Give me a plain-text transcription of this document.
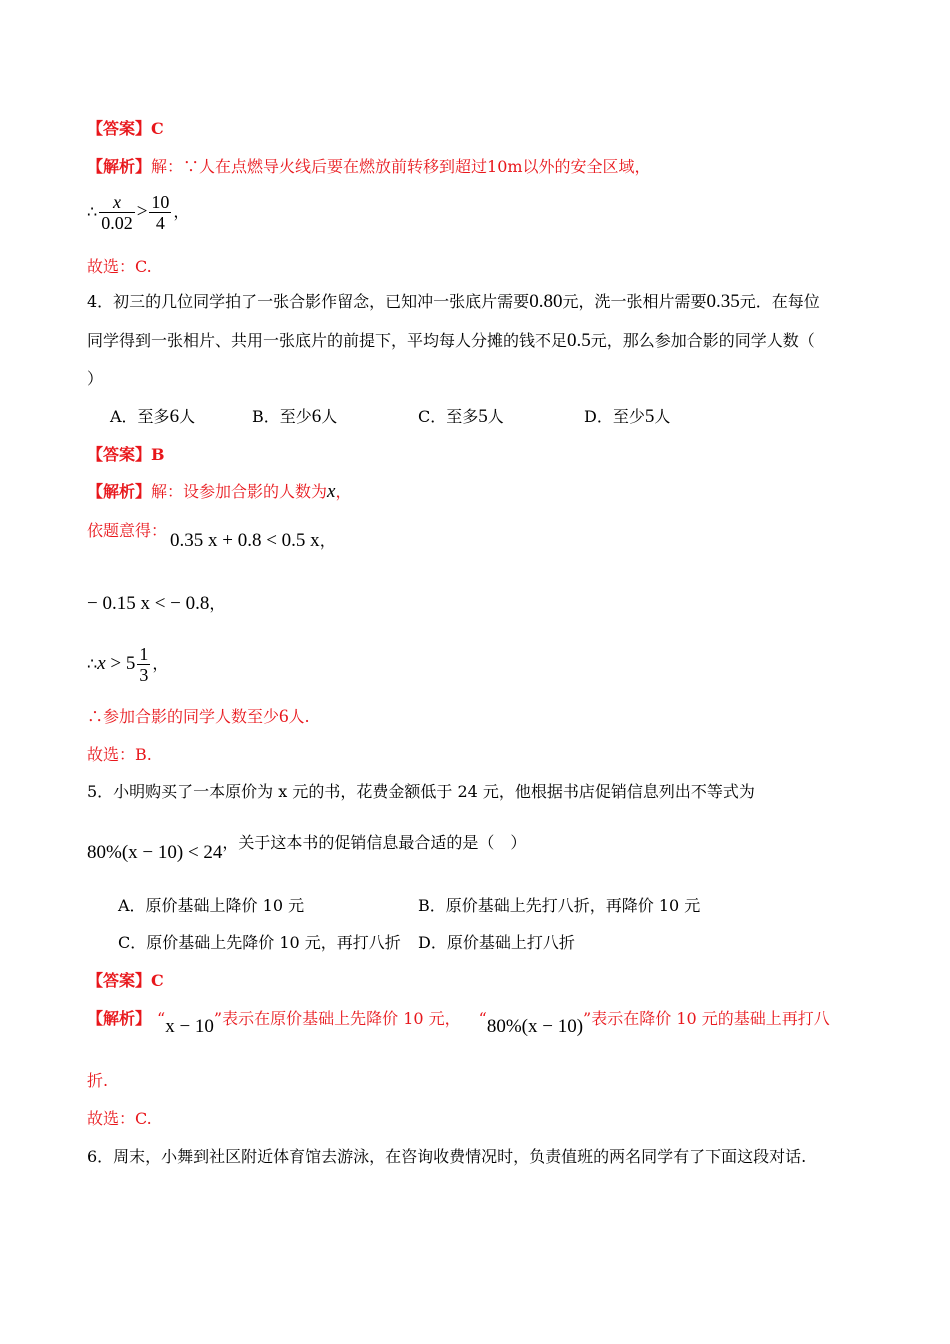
【答案】C
【解析】解：∵人在点燃导火线后要在燃放前转移到超过10m以外的安全区域，
∴ $\frac{x}{0.02} > \frac{10}{4}$ ，
故选：C.
4．初三的几位同学拍了一张合影作留念，已知冲一张底片需要0.80元，洗一张相片需要0.35元．在每位
同学得到一张相片、共用一张底片的前提下，平均每人分摊的钱不足0.5元，那么参加合影的同学人数（
）
A．至多6人	B．至少6人	C．至多5人	D．至少5人
【答案】B
【解析】解：设参加合影的人数为x，
依题意得： 0.35 x + 0.8 < 0.5 x，
− 0.15 x < − 0.8，
∴x > $5 \frac{1}{3}$ ，
∴参加合影的同学人数至少6人.
故选：B.
5．小明购买了一本原价为 x 元的书，花费金额低于 24 元，他根据书店促销信息列出不等式为
80%(x − 10) < 24，关于这本书的促销信息最合适的是（　）
A．原价基础上降价 10 元	B．原价基础上先打八折，再降价 10 元
C．原价基础上先降价 10 元，再打八折 D．原价基础上打八折
【答案】C
【解析】 “x − 10”表示在原价基础上先降价 10 元， “80%(x − 10)”表示在降价 10 元的基础上再打八
折.
故选：C.
6．周末，小舞到社区附近体育馆去游泳，在咨询收费情况时，负责值班的两名同学有了下面这段对话.
